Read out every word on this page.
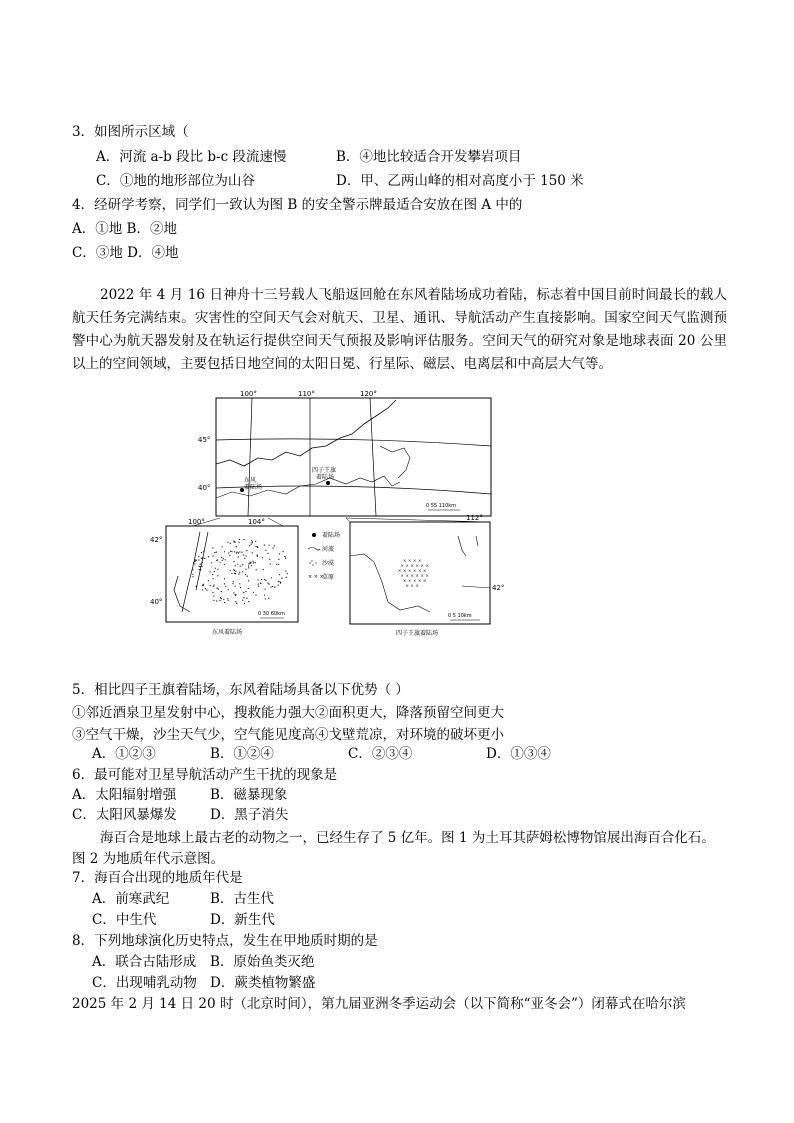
3．如图所示区域（
A．河流 a-b 段比 b-c 段流速慢	B．④地比较适合开发攀岩项目
C．①地的地形部位为山谷	D．甲、乙两山峰的相对高度小于 150 米
4．经研学考察，同学们一致认为图 B 的安全警示牌最适合安放在图 A 中的
A．①地 B．②地
C．③地 D．④地
2022 年 4 月 16 日神舟十三号载人飞船返回舱在东风着陆场成功着陆，标志着中国目前时间最长的载人航天任务完满结束。灾害性的空间天气会对航天、卫星、通讯、导航活动产生直接影响。国家空间天气监测预警中心为航天器发射及在轨运行提供空间天气预报及影响评估服务。空间天气的研究对象是地球表面 20 公里以上的空间领域，主要包括日地空间的太阳日冕、行星际、磁层、电离层和中高层大气等。
100°	110°	120°
45°
40°
东风
着陆场
四子王旗
着陆场
0 55 110km
100°	104°
42°
40°
0 30 60km
东风着陆场
着陆场
河流
沙漠
× × ×
草原
112°
42°
× × × ×
× × × × × ×
× × × × × ×
× × × × × ×
× × × × ×
× × ×
0 5 10km
四子王旗着陆场
5．相比四子王旗着陆场，东风着陆场具备以下优势（ ）
①邻近酒泉卫星发射中心，搜救能力强大②面积更大，降落预留空间更大
③空气干燥，沙尘天气少，空气能见度高④戈壁荒凉，对环境的破坏更小
A．①②③	B．①②④	C．②③④	D．①③④
6．最可能对卫星导航活动产生干扰的现象是
A．太阳辐射增强	B．磁暴现象
C．太阳风暴爆发 D．黑子消失
海百合是地球上最古老的动物之一，已经生存了 5 亿年。图 1 为土耳其萨姆松博物馆展出海百合化石。
图 2 为地质年代示意图。
7．海百合出现的地质年代是
A．前寒武纪	B．古生代
C．中生代	D．新生代
8．下列地球演化历史特点，发生在甲地质时期的是
A．联合古陆形成 B．原始鱼类灭绝
C．出现哺乳动物 D．蕨类植物繁盛
2025 年 2 月 14 日 20 时（北京时间），第九届亚洲冬季运动会（以下简称“亚冬会”）闭幕式在哈尔滨
